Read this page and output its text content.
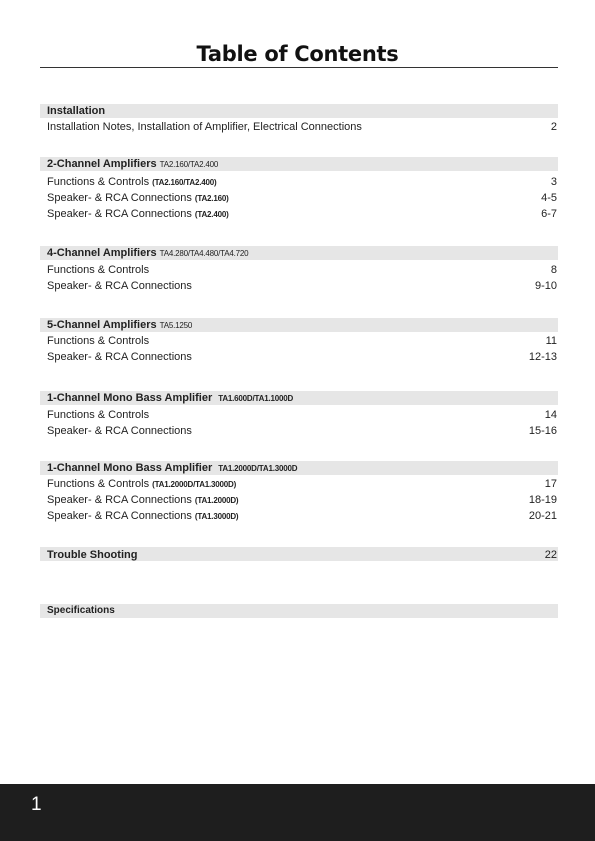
Table of Contents
Installation
Installation Notes, Installation of Amplifier, Electrical Connections	2
2-Channel Amplifiers TA2.160/TA2.400
Functions & Controls (TA2.160/TA2.400)	3
Speaker- & RCA Connections (TA2.160)	4-5
Speaker- & RCA Connections (TA2.400)	6-7
4-Channel Amplifiers TA4.280/TA4.480/TA4.720
Functions & Controls	8
Speaker- & RCA Connections	9-10
5-Channel Amplifiers TA5.1250
Functions & Controls	11
Speaker- & RCA Connections	12-13
1-Channel Mono Bass Amplifier TA1.600D/TA1.1000D
Functions & Controls	14
Speaker- & RCA Connections	15-16
1-Channel Mono Bass Amplifier TA1.2000D/TA1.3000D
Functions & Controls (TA1.2000D/TA1.3000D)	17
Speaker- & RCA Connections (TA1.2000D)	18-19
Speaker- & RCA Connections (TA1.3000D)	20-21
Trouble Shooting	22
Specifications
1
